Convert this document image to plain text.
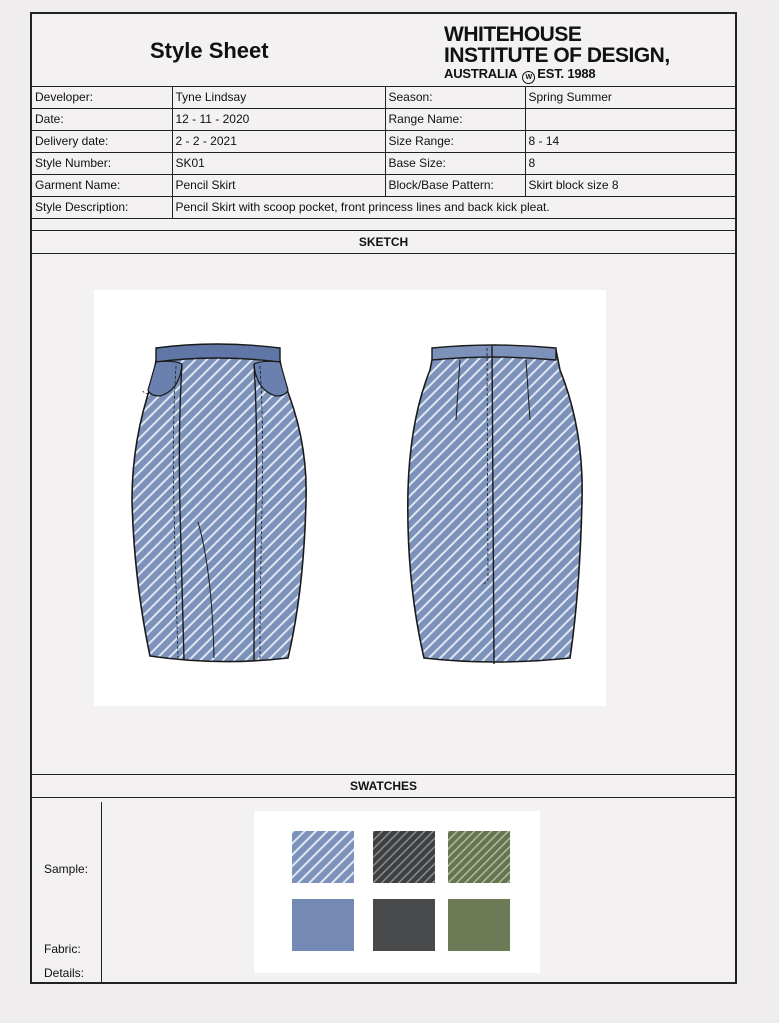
Style Sheet
WHITEHOUSE
INSTITUTE OF DESIGN,
AUSTRALIA W EST. 1988
Developer:	Tyne Lindsay	Season:	Spring Summer
Date:	12 - 11 - 2020	Range Name:	
Delivery date:	2 - 2 - 2021	Size Range:	8 - 14
Style Number:	SK01	Base Size:	8
Garment Name:	Pencil Skirt	Block/Base Pattern:	Skirt block size 8
Style Description:	Pencil Skirt with scoop pocket, front princess lines and back kick pleat.		
SKETCH
SWATCHES
Sample:
Fabric:
Details:
